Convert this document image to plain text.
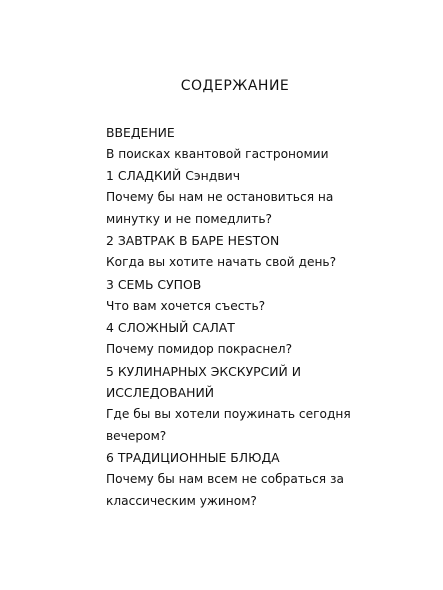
СОДЕРЖАНИЕ
ВВЕДЕНИЕ
В поисках квантовой гастрономии
1 СЛАДКИЙ Сэндвич
Почему бы нам не остановиться на
минутку и не помедлить?
2 ЗАВТРАК В БАРЕ HESTON
Когда вы хотите начать свой день?
3 СЕМЬ СУПОВ
Что вам хочется съесть?
4 СЛОЖНЫЙ САЛАТ
Почему помидор покраснел?
5 КУЛИНАРНЫХ ЭКСКУРСИЙ И
ИССЛЕДОВАНИЙ
Где бы вы хотели поужинать сегодня
вечером?
6 ТРАДИЦИОННЫЕ БЛЮДА
Почему бы нам всем не собраться за
классическим ужином?
